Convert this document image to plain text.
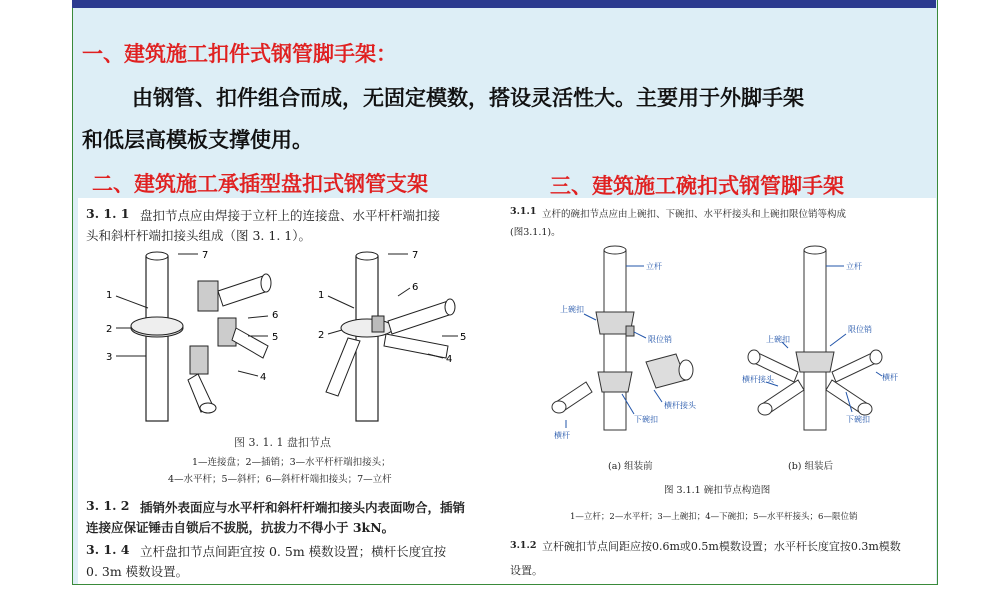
一、建筑施工扣件式钢管脚手架：
由钢管、扣件组合而成，无固定模数，搭设灵活性大。主要用于外脚手架
和低层高模板支撑使用。
二、建筑施工承插型盘扣式钢管支架	三、建筑施工碗扣式钢管脚手架
3. 1. 1 盘扣节点应由焊接于立杆上的连接盘、水平杆杆端扣接
头和斜杆杆端扣接头组成（图 3. 1. 1）。
1
2
3
4
5
6
7
1
2
6
5
4
7
图 3. 1. 1 盘扣节点
1—连接盘；2—插销；3—水平杆杆端扣接头；
4—水平杆；5—斜杆；6—斜杆杆端扣接头；7—立杆
3. 1. 2 插销外表面应与水平杆和斜杆杆端扣接头内表面吻合，插销
连接应保证锤击自锁后不拔脱，抗拔力不得小于 3kN。
3. 1. 4 立杆盘扣节点间距宜按 0. 5m 模数设置；横杆长度宜按
0. 3m 模数设置。
3.1.1 立杆的碗扣节点应由上碗扣、下碗扣、水平杆接头和上碗扣限位销等构成
(图3.1.1)。
立杆
上碗扣
限位销
横杆
横杆接头
下碗扣
立杆
限位销
上碗扣
横杆
横杆接头
下碗扣
(a) 组装前	(b) 组装后
图 3.1.1 碗扣节点构造图
1—立杆；2—水平杆；3—上碗扣；4—下碗扣；5—水平杆接头；6—限位销
3.1.2 立杆碗扣节点间距应按0.6m或0.5m模数设置；水平杆长度宜按0.3m模数
设置。
